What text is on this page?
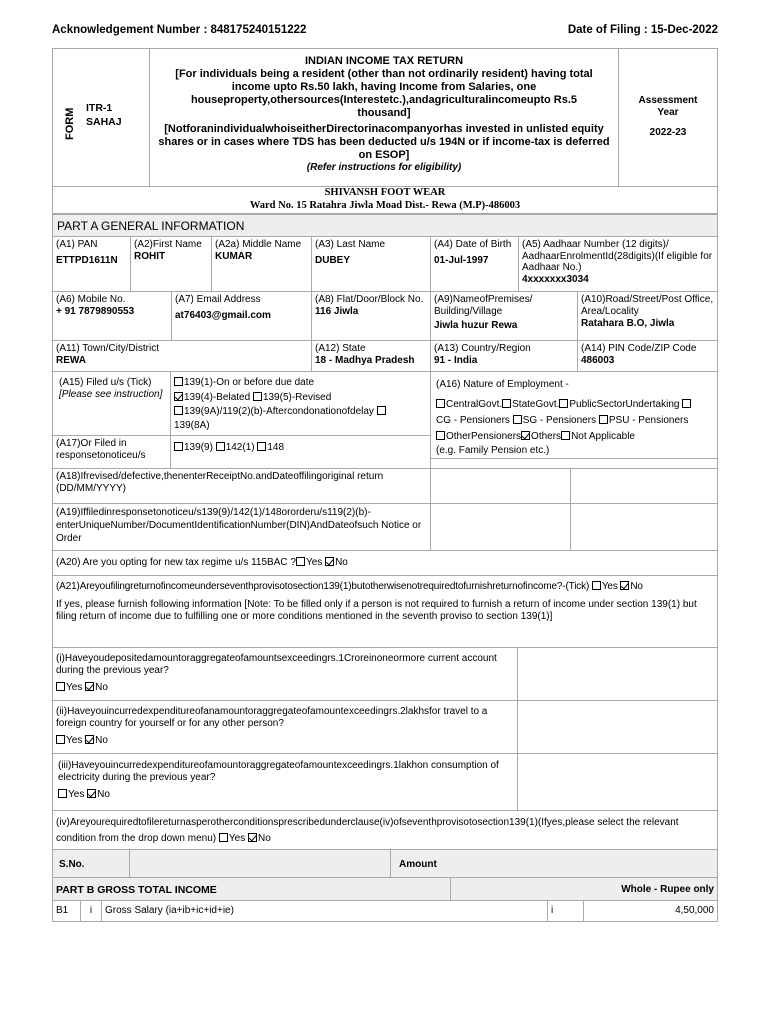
Acknowledgement Number : 848175240151222	Date of Filing : 15-Dec-2022
FORM ITR-1
SAHAJ
INDIAN INCOME TAX RETURN
[For individuals being a resident (other than not ordinarily resident) having total income upto Rs.50 lakh, having Income from Salaries, one houseproperty,othersources(Interestetc.),andagriculturalincomeupto Rs.5 thousand]
[NotforanindividualwhoiseitherDirectorinacompanyorhas invested in unlisted equity shares or in cases where TDS has been deducted u/s 194N or if income-tax is deferred on ESOP]
(Refer instructions for eligibility)
Assessment Year
2022-23
SHIVANSH FOOT WEAR
Ward No. 15 Ratahra Jiwla Moad Dist.- Rewa (M.P)-486003
PART A GENERAL INFORMATION
(A1) PAN
ETTPD1611N
(A2)First Name
ROHIT
(A2a) Middle Name
KUMAR
(A3) Last Name
DUBEY
(A4) Date of Birth
01-Jul-1997
(A5) Aadhaar Number (12 digits)/ AadhaarEnrolmentId(28digits)(If eligible for Aadhaar No.)
4xxxxxxx3034
(A6) Mobile No.
+ 91 7879890553
(A7) Email Address
at76403@gmail.com
(A8) Flat/Door/Block No.
116 Jiwla
(A9)NameofPremises/ Building/Village
Jiwla huzur Rewa
(A10)Road/Street/Post Office, Area/Locality
Ratahara B.O, Jiwla
(A11) Town/City/District
REWA
(A12) State
18 - Madhya Pradesh
(A13) Country/Region
91 - India
(A14) PIN Code/ZIP Code
486003
(A15) Filed u/s (Tick)
[Please see instruction]
139(1)-On or before due date
139(4)-Belated 139(5)-Revised
139(9A)/119(2)(b)-Aftercondonationofdelay
139(8A)
(A16) Nature of Employment -
CentralGovt. StateGovt. PublicSectorUndertaking
CG - Pensioners SG - Pensioners PSU - Pensioners
OtherPensioners Others Not Applicable
(e.g. Family Pension etc.)
(A17)Or Filed in responsetonoticeu/s
139(9) 142(1) 148
(A18)Ifrevised/defective,thenenterReceiptNo.andDateoffilingoriginal return (DD/MM/YYYY)
(A19)Iffiledinresponsetonoticeu/s139(9)/142(1)/148ororderu/s119(2)(b)- enterUniqueNumber/DocumentIdentificationNumber(DIN)AndDateofsuch Notice or Order
(A20) Are you opting for new tax regime u/s 115BAC ? Yes No
(A21)Areyoufilingreturnofincomeunderseventhprovisotosection139(1)butotherwisenotrequiredtofurnishreturnofincome?-(Tick) Yes No
If yes, please furnish following information [Note: To be filled only if a person is not required to furnish a return of income under section 139(1) but filing return of income due to fulfilling one or more conditions mentioned in the seventh proviso to section 139(1)]
(i)Haveyoudepositedamountoraggregateofamountsexceedingrs.1Croreinoneormore current account during the previous year?
Yes No
(ii)Haveyouincurredexpenditureofanamountoraggregateofamountexceedingrs.2lakhsfor travel to a foreign country for yourself or for any other person?
Yes No
(iii)Haveyouincurredexpenditureofamountoraggregateofamountexceedingrs.1lakhon consumption of electricity during the previous year?
Yes No
(iv)Areyourequiredtofilereturnasperotherconditionsprescribedunderclause(iv)ofseventhprovisotosection139(1)(Ifyes,please select the relevant condition from the drop down menu) Yes No
S.No.	Amount
PART B GROSS TOTAL INCOME	Whole - Rupee only
B1	i	Gross Salary (ia+ib+ic+id+ie)	i	4,50,000
